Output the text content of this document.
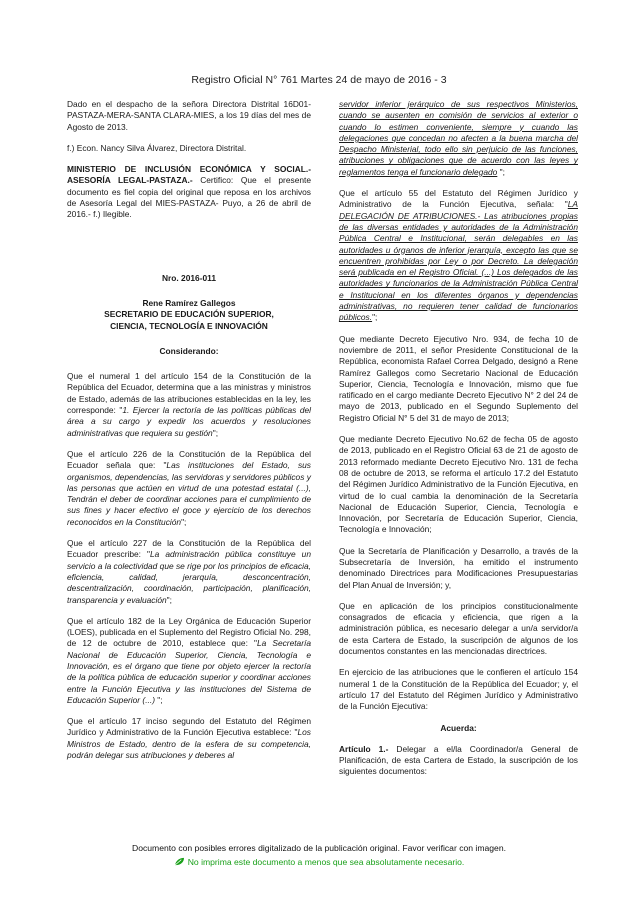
Registro Oficial N° 761 Martes 24 de mayo de 2016 - 3

Dado en el despacho de la señora Directora Distrital 16D01-PASTAZA-MERA-SANTA CLARA-MIES, a los 19 días del mes de Agosto de 2013.

f.) Econ. Nancy Silva Álvarez, Directora Distrital.

MINISTERIO DE INCLUSIÓN ECONÓMICA Y SOCIAL.- ASESORÍA LEGAL-PASTAZA.- Certifico: Que el presente documento es fiel copia del original que reposa en los archivos de Asesoría Legal del MIES-PASTAZA- Puyo, a 26 de abril de 2016.- f.) Ilegible.

Nro. 2016-011

Rene Ramírez Gallegos

SECRETARIO DE EDUCACIÓN SUPERIOR,

CIENCIA, TECNOLOGÍA E INNOVACIÓN

Considerando:

Que el numeral 1 del artículo 154 de la Constitución de la República del Ecuador, determina que a las ministras y ministros de Estado, además de las atribuciones establecidas en la ley, les corresponde: "1. Ejercer la rectoría de las políticas públicas del área a su cargo y expedir los acuerdos y resoluciones administrativas que requiera su gestión";

Que el artículo 226 de la Constitución de la República del Ecuador señala que: "Las instituciones del Estado, sus organismos, dependencias, las servidoras y servidores públicos y las personas que actúen en virtud de una potestad estatal (...), Tendrán el deber de coordinar acciones para el cumplimiento de sus fines y hacer efectivo el goce y ejercicio de los derechos reconocidos en la Constitución";

Que el artículo 227 de la Constitución de la República del Ecuador prescribe: "La administración pública constituye un servicio a la colectividad que se rige por los principios de eficacia, eficiencia, calidad, jerarquía, desconcentración, descentralización, coordinación, participación, planificación, transparencia y evaluación";

Que el artículo 182 de la Ley Orgánica de Educación Superior (LOES), publicada en el Suplemento del Registro Oficial No. 298, de 12 de octubre de 2010, establece que: "La Secretaría Nacional de Educación Superior, Ciencia, Tecnología e Innovación, es el órgano que tiene por objeto ejercer la rectoría de la política pública de educación superior y coordinar acciones entre la Función Ejecutiva y las instituciones del Sistema de Educación Superior (...) ";

Que el artículo 17 inciso segundo del Estatuto del Régimen Jurídico y Administrativo de la Función Ejecutiva establece: "Los Ministros de Estado, dentro de la esfera de su competencia, podrán delegar sus atribuciones y deberes al

servidor inferior jerárquico de sus respectivos Ministerios, cuando se ausenten en comisión de servicios al exterior o cuando lo estimen conveniente, siempre y cuando las delegaciones que concedan no afecten a la buena marcha del Despacho Ministerial, todo ello sin perjuicio de las funciones, atribuciones y obligaciones que de acuerdo con las leyes y reglamentos tenga el funcionario delegado ";

Que el artículo 55 del Estatuto del Régimen Jurídico y Administrativo de la Función Ejecutiva, señala: "LA DELEGACIÓN DE ATRIBUCIONES.- Las atribuciones propias de las diversas entidades y autoridades de la Administración Pública Central e Institucional, serán delegables en las autoridades u órganos de inferior jerarquía, excepto las que se encuentren prohibidas por Ley o por Decreto. La delegación será publicada en el Registro Oficial. (...) Los delegados de las autoridades y funcionarios de la Administración Pública Central e Institucional en los diferentes órganos y dependencias administrativas, no requieren tener calidad de funcionarios públicos.";

Que mediante Decreto Ejecutivo Nro. 934, de fecha 10 de noviembre de 2011, el señor Presidente Constitucional de la República, economista Rafael Correa Delgado, designó a Rene Ramírez Gallegos como Secretario Nacional de Educación Superior, Ciencia, Tecnología e Innovación, mismo que fue ratificado en el cargo mediante Decreto Ejecutivo N° 2 del 24 de mayo de 2013, publicado en el Segundo Suplemento del Registro Oficial N° 5 del 31 de mayo de 2013;

Que mediante Decreto Ejecutivo No.62 de fecha 05 de agosto de 2013, publicado en el Registro Oficial 63 de 21 de agosto de 2013 reformado mediante Decreto Ejecutivo Nro. 131 de fecha 08 de octubre de 2013, se reforma el artículo 17.2 del Estatuto del Régimen Jurídico Administrativo de la Función Ejecutiva, en virtud de lo cual cambia la denominación de la Secretaría Nacional de Educación Superior, Ciencia, Tecnología e Innovación, por Secretaría de Educación Superior, Ciencia, Tecnología e Innovación;

Que la Secretaría de Planificación y Desarrollo, a través de la Subsecretaría de Inversión, ha emitido el instrumento denominado Directrices para Modificaciones Presupuestarias del Plan Anual de Inversión; y,

Que en aplicación de los principios constitucionalmente consagrados de eficacia y eficiencia, que rigen a la administración pública, es necesario delegar a un/a servidor/a de esta Cartera de Estado, la suscripción de algunos de los documentos constantes en las mencionadas directrices.

En ejercicio de las atribuciones que le confieren el artículo 154 numeral 1 de la Constitución de la República del Ecuador; y, el artículo 17 del Estatuto del Régimen Jurídico y Administrativo de la Función Ejecutiva:

Acuerda:

Artículo 1.- Delegar a el/la Coordinador/a General de Planificación, de esta Cartera de Estado, la suscripción de los siguientes documentos:

Documento con posibles errores digitalizado de la publicación original. Favor verificar con imagen.
No imprima este documento a menos que sea absolutamente necesario.
